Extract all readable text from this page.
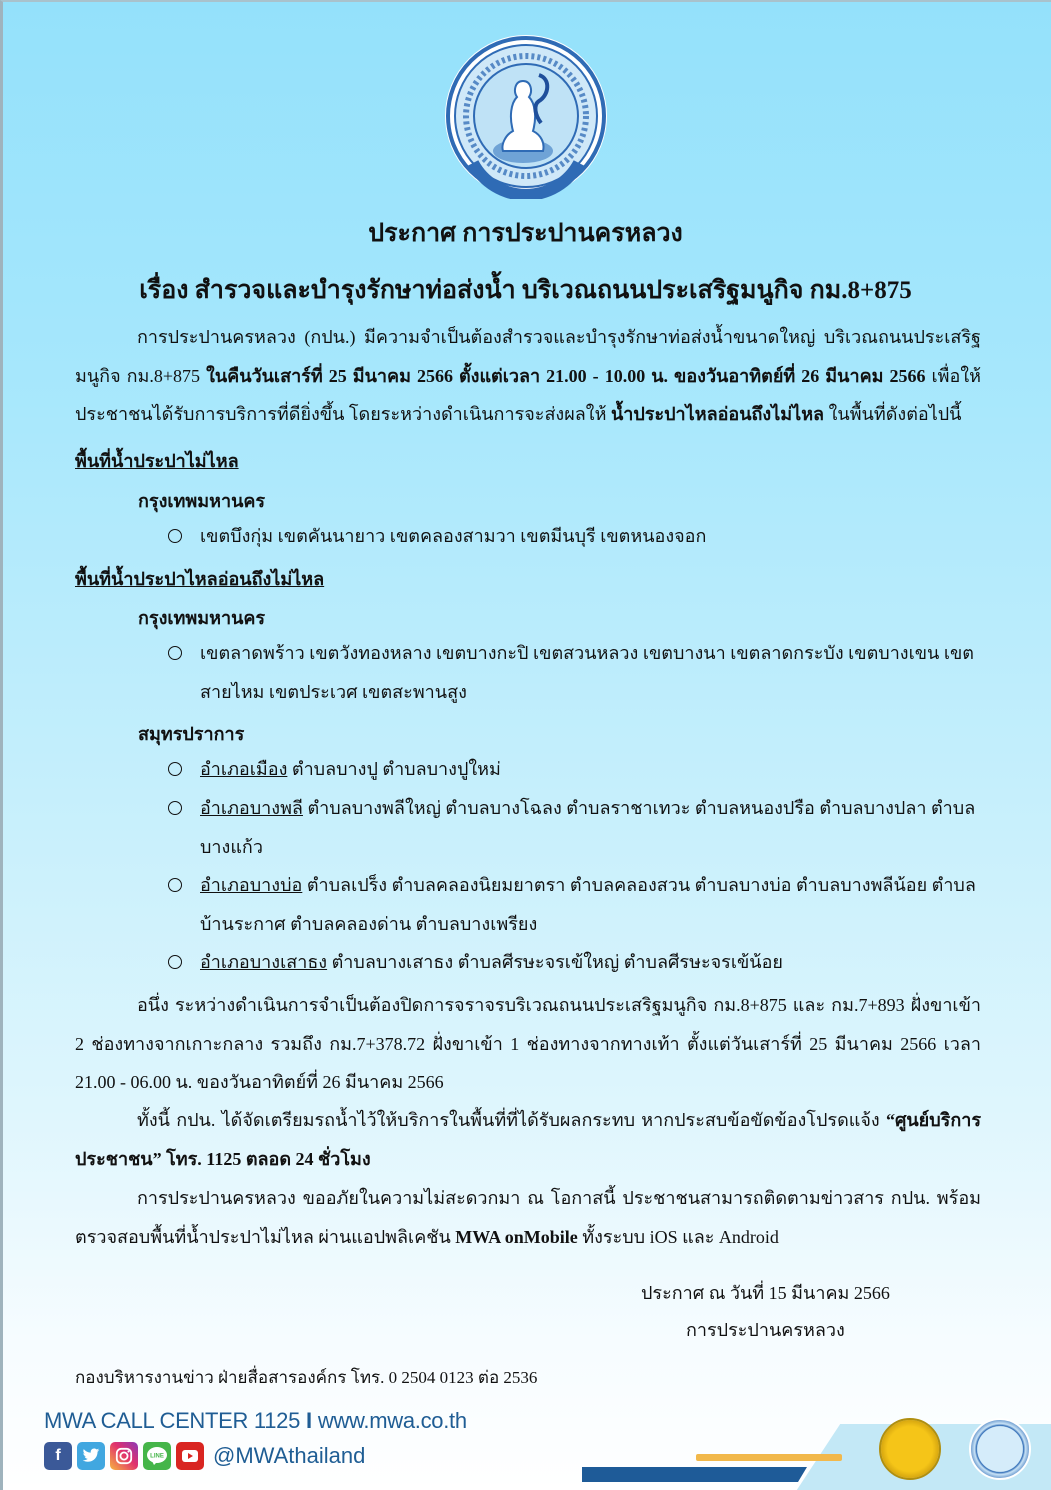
ประกาศ การประปานครหลวง
เรื่อง สำรวจและบำรุงรักษาท่อส่งน้ำ บริเวณถนนประเสริฐมนูกิจ กม.8+875
การประปานครหลวง (กปน.) มีความจำเป็นต้องสำรวจและบำรุงรักษาท่อส่งน้ำขนาดใหญ่ บริเวณถนนประเสริฐมนูกิจ กม.8+875 ในคืนวันเสาร์ที่ 25 มีนาคม 2566 ตั้งแต่เวลา 21.00 - 10.00 น. ของวันอาทิตย์ที่ 26 มีนาคม 2566 เพื่อให้ประชาชนได้รับการบริการที่ดียิ่งขึ้น โดยระหว่างดำเนินการจะส่งผลให้ น้ำประปาไหลอ่อนถึงไม่ไหล ในพื้นที่ดังต่อไปนี้
พื้นที่น้ำประปาไม่ไหล
กรุงเทพมหานคร
เขตบึงกุ่ม เขตคันนายาว เขตคลองสามวา เขตมีนบุรี เขตหนองจอก
พื้นที่น้ำประปาไหลอ่อนถึงไม่ไหล
กรุงเทพมหานคร
เขตลาดพร้าว เขตวังทองหลาง เขตบางกะปิ เขตสวนหลวง เขตบางนา เขตลาดกระบัง เขตบางเขน เขตสายไหม เขตประเวศ เขตสะพานสูง
สมุทรปราการ
อำเภอเมือง ตำบลบางปู ตำบลบางปูใหม่
อำเภอบางพลี ตำบลบางพลีใหญ่ ตำบลบางโฉลง ตำบลราชาเทวะ ตำบลหนองปรือ ตำบลบางปลา ตำบลบางแก้ว
อำเภอบางบ่อ ตำบลเปร็ง ตำบลคลองนิยมยาตรา ตำบลคลองสวน ตำบลบางบ่อ ตำบลบางพลีน้อย ตำบลบ้านระกาศ ตำบลคลองด่าน ตำบลบางเพรียง
อำเภอบางเสาธง ตำบลบางเสาธง ตำบลศีรษะจรเข้ใหญ่ ตำบลศีรษะจรเข้น้อย
อนึ่ง ระหว่างดำเนินการจำเป็นต้องปิดการจราจรบริเวณถนนประเสริฐมนูกิจ กม.8+875 และ กม.7+893 ฝั่งขาเข้า 2 ช่องทางจากเกาะกลาง รวมถึง กม.7+378.72 ฝั่งขาเข้า 1 ช่องทางจากทางเท้า ตั้งแต่วันเสาร์ที่ 25 มีนาคม 2566 เวลา 21.00 - 06.00 น. ของวันอาทิตย์ที่ 26 มีนาคม 2566
ทั้งนี้ กปน. ได้จัดเตรียมรถน้ำไว้ให้บริการในพื้นที่ที่ได้รับผลกระทบ หากประสบข้อขัดข้องโปรดแจ้ง “ศูนย์บริการประชาชน” โทร. 1125 ตลอด 24 ชั่วโมง
การประปานครหลวง ขออภัยในความไม่สะดวกมา ณ โอกาสนี้ ประชาชนสามารถติดตามข่าวสาร กปน. พร้อมตรวจสอบพื้นที่น้ำประปาไม่ไหล ผ่านแอปพลิเคชัน MWA onMobile ทั้งระบบ iOS และ Android
ประกาศ ณ วันที่ 15 มีนาคม 2566
การประปานครหลวง
กองบริหารงานข่าว ฝ่ายสื่อสารองค์กร โทร. 0 2504 0123 ต่อ 2536
MWA CALL CENTER 1125 I www.mwa.co.th
f	LINE @MWAthailand
